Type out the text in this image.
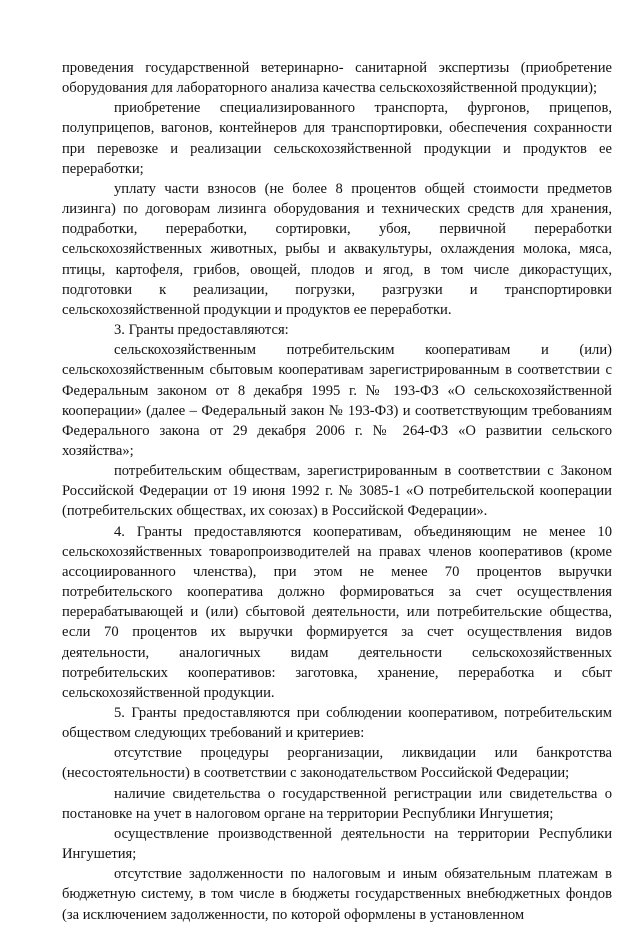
проведения государственной ветеринарно- санитарной экспертизы (приобретение оборудования для лабораторного анализа качества сельскохозяйственной продукции);

приобретение специализированного транспорта, фургонов, прицепов, полуприцепов, вагонов, контейнеров для транспортировки, обеспечения сохранности при перевозке и реализации сельскохозяйственной продукции и продуктов ее переработки;

уплату части взносов (не более 8 процентов общей стоимости предметов лизинга) по договорам лизинга оборудования и технических средств для хранения, подработки, переработки, сортировки, убоя, первичной переработки сельскохозяйственных животных, рыбы и аквакультуры, охлаждения молока, мяса, птицы, картофеля, грибов, овощей, плодов и ягод, в том числе дикорастущих, подготовки к реализации, погрузки, разгрузки и транспортировки сельскохозяйственной продукции и продуктов ее переработки.

3. Гранты предоставляются:

сельскохозяйственным потребительским кооперативам и (или) сельскохозяйственным сбытовым кооперативам зарегистрированным в соответствии с Федеральным законом от 8 декабря 1995 г. № 193-ФЗ «О сельскохозяйственной кооперации» (далее – Федеральный закон № 193-ФЗ) и соответствующим требованиям Федерального закона от 29 декабря 2006 г. № 264-ФЗ «О развитии сельского хозяйства»;

потребительским обществам, зарегистрированным в соответствии с Законом Российской Федерации от 19 июня 1992 г. № 3085-1 «О потребительской кооперации (потребительских обществах, их союзах) в Российской Федерации».

4. Гранты предоставляются кооперативам, объединяющим не менее 10 сельскохозяйственных товаропроизводителей на правах членов кооперативов (кроме ассоциированного членства), при этом не менее 70 процентов выручки потребительского кооператива должно формироваться за счет осуществления перерабатывающей и (или) сбытовой деятельности, или потребительские общества, если 70 процентов их выручки формируется за счет осуществления видов деятельности, аналогичных видам деятельности сельскохозяйственных потребительских кооперативов: заготовка, хранение, переработка и сбыт сельскохозяйственной продукции.

5. Гранты предоставляются при соблюдении кооперативом, потребительским обществом следующих требований и критериев:

отсутствие процедуры реорганизации, ликвидации или банкротства (несостоятельности) в соответствии с законодательством Российской Федерации;

наличие свидетельства о государственной регистрации или свидетельства о постановке на учет в налоговом органе на территории Республики Ингушетия;

осуществление производственной деятельности на территории Республики Ингушетия;

отсутствие задолженности по налоговым и иным обязательным платежам в бюджетную систему, в том числе в бюджеты государственных внебюджетных фондов (за исключением задолженности, по которой оформлены в установленном
